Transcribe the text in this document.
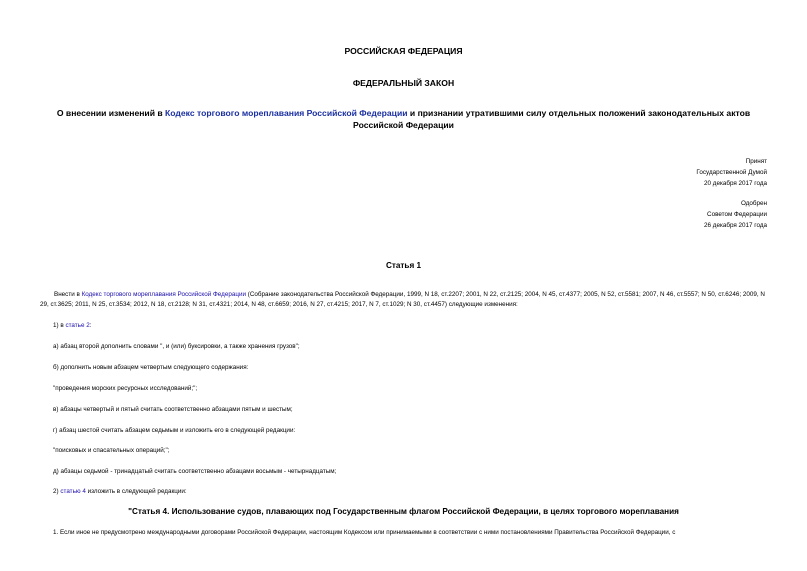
РОССИЙСКАЯ ФЕДЕРАЦИЯ
ФЕДЕРАЛЬНЫЙ ЗАКОН
О внесении изменений в Кодекс торгового мореплавания Российской Федерации и признании утратившими силу отдельных положений законодательных актов Российской Федерации
Принят
Государственной Думой
20 декабря 2017 года
Одобрен
Советом Федерации
26 декабря 2017 года
Статья 1
Внести в Кодекс торгового мореплавания Российской Федерации (Собрание законодательства Российской Федерации, 1999, N 18, ст.2207; 2001, N 22, ст.2125; 2004, N 45, ст.4377; 2005, N 52, ст.5581; 2007, N 46, ст.5557; N 50, ст.6246; 2009, N 29, ст.3625; 2011, N 25, ст.3534; 2012, N 18, ст.2128; N 31, ст.4321; 2014, N 48, ст.6659; 2016, N 27, ст.4215; 2017, N 7, ст.1029; N 30, ст.4457) следующие изменения:
1) в статье 2:
а) абзац второй дополнить словами ", и (или) буксировки, а также хранения грузов";
б) дополнить новым абзацем четвертым следующего содержания:
"проведения морских ресурсных исследований;";
в) абзацы четвертый и пятый считать соответственно абзацами пятым и шестым;
г) абзац шестой считать абзацем седьмым и изложить его в следующей редакции:
"поисковых и спасательных операций;";
д) абзацы седьмой - тринадцатый считать соответственно абзацами восьмым - четырнадцатым;
2) статью 4 изложить в следующей редакции:
"Статья 4. Использование судов, плавающих под Государственным флагом Российской Федерации, в целях торгового мореплавания
1. Если иное не предусмотрено международными договорами Российской Федерации, настоящим Кодексом или принимаемыми в соответствии с ними постановлениями Правительства Российской Федерации, с
